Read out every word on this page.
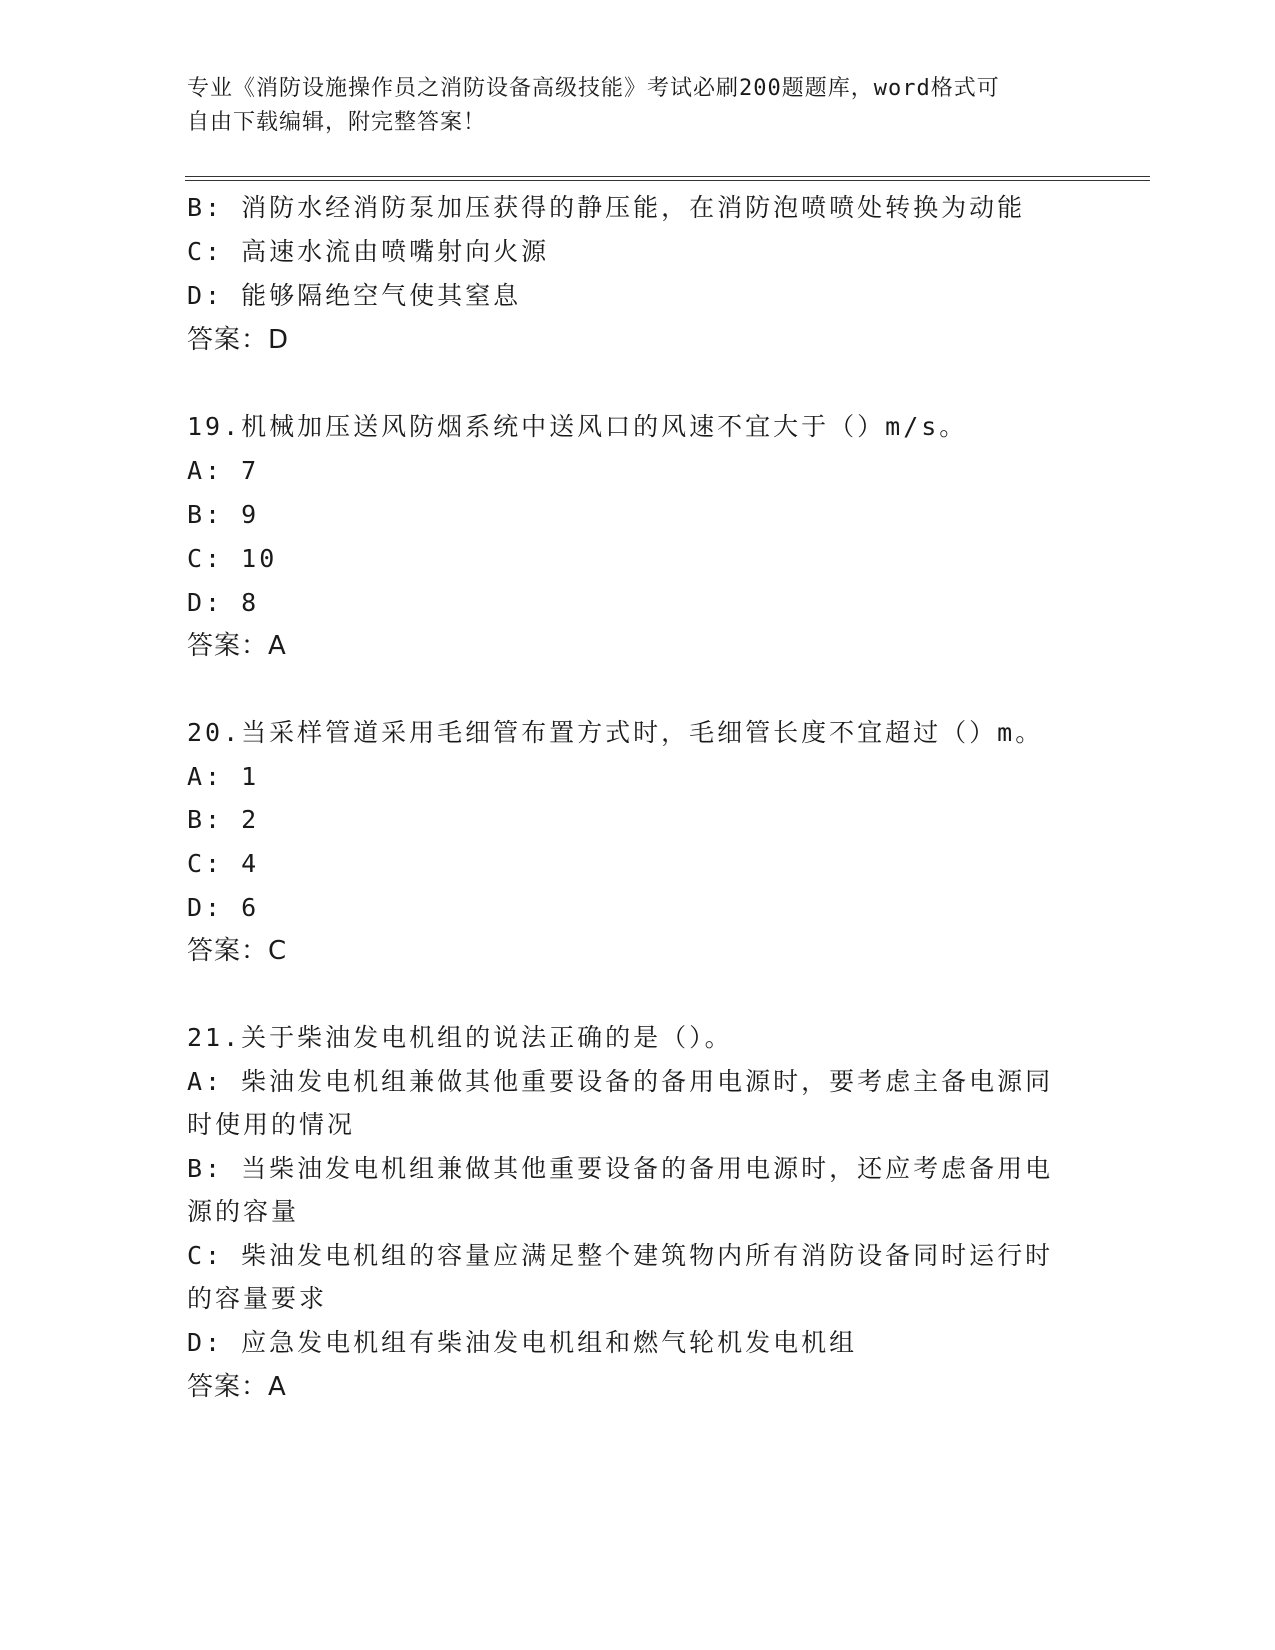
专业《消防设施操作员之消防设备高级技能》考试必刷200题题库，word格式可
自由下载编辑，附完整答案！
B: 消防水经消防泵加压获得的静压能，在消防泡喷喷处转换为动能
C: 高速水流由喷嘴射向火源
D: 能够隔绝空气使其窒息
答案：D
19.机械加压送风防烟系统中送风口的风速不宜大于（）m/s。
A: 7
B: 9
C: 10
D: 8
答案：A
20.当采样管道采用毛细管布置方式时，毛细管长度不宜超过（）m。
A: 1
B: 2
C: 4
D: 6
答案：C
21.关于柴油发电机组的说法正确的是（）。
A: 柴油发电机组兼做其他重要设备的备用电源时，要考虑主备电源同
时使用的情况
B: 当柴油发电机组兼做其他重要设备的备用电源时，还应考虑备用电
源的容量
C: 柴油发电机组的容量应满足整个建筑物内所有消防设备同时运行时
的容量要求
D: 应急发电机组有柴油发电机组和燃气轮机发电机组
答案：A
